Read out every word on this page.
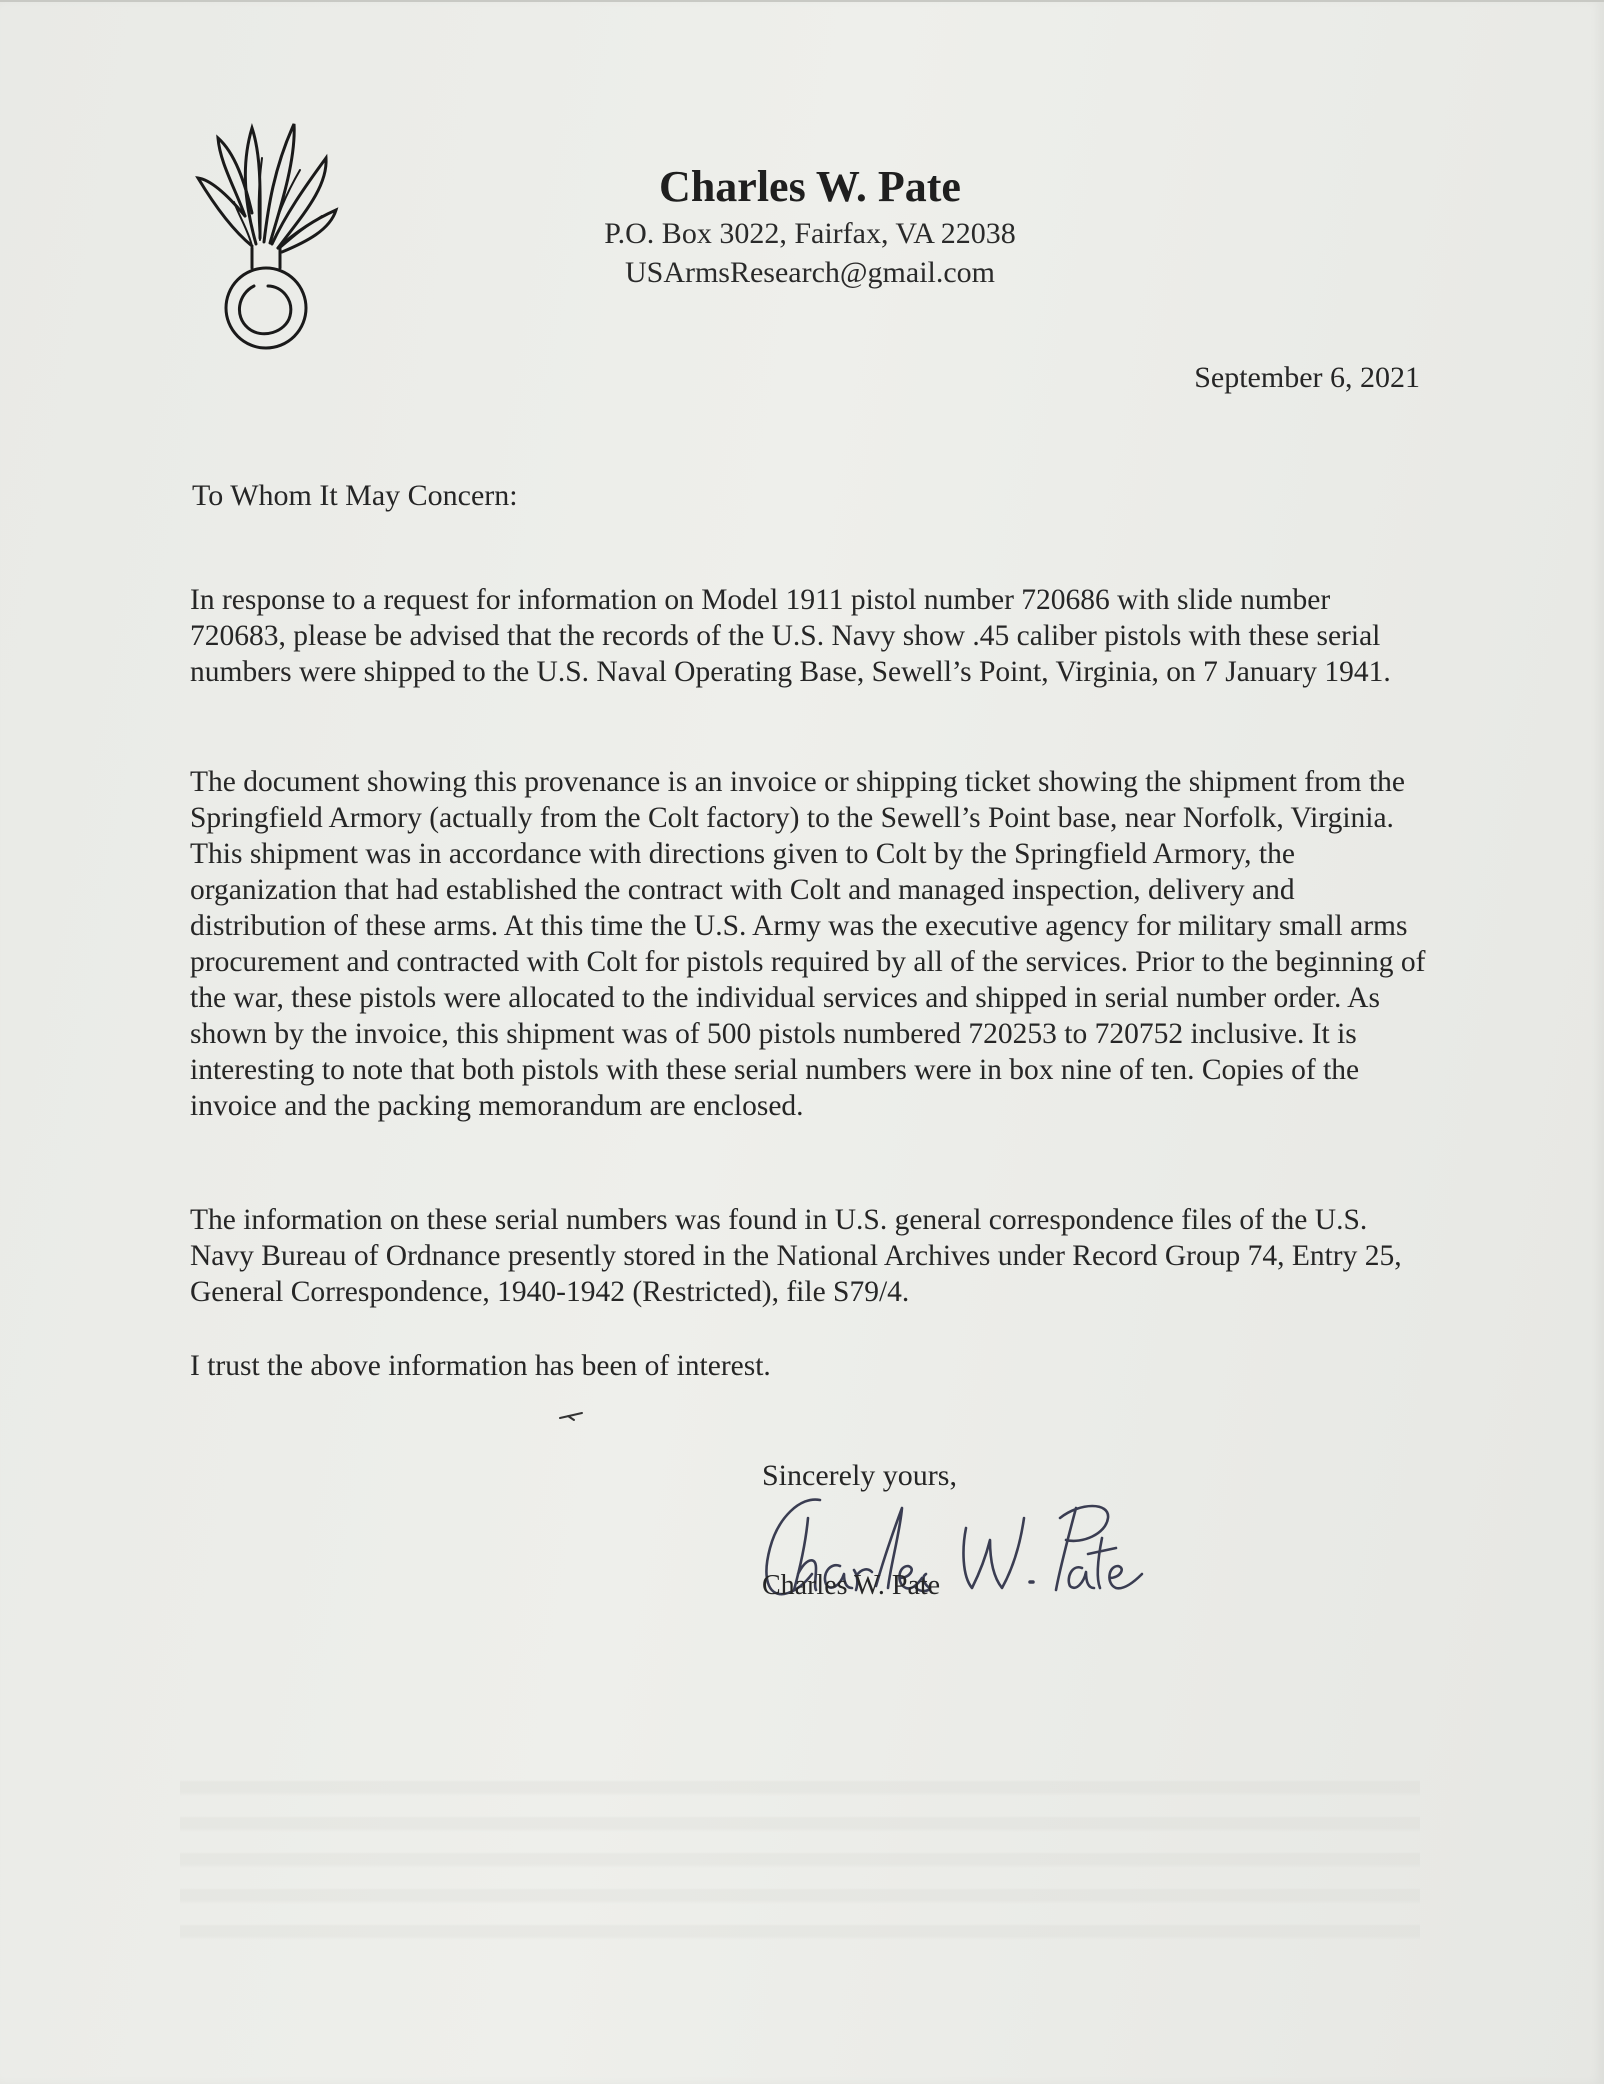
Charles W. Pate
P.O. Box 3022, Fairfax, VA 22038
USArmsResearch@gmail.com
September 6, 2021
To Whom It May Concern:

In response to a request for information on Model 1911 pistol number 720686 with slide number 720683, please be advised that the records of the U.S. Navy show .45 caliber pistols with these serial numbers were shipped to the U.S. Naval Operating Base, Sewell’s Point, Virginia, on 7 January 1941.

The document showing this provenance is an invoice or shipping ticket showing the shipment from the Springfield Armory (actually from the Colt factory) to the Sewell’s Point base, near Norfolk, Virginia. This shipment was in accordance with directions given to Colt by the Springfield Armory, the organization that had established the contract with Colt and managed inspection, delivery and distribution of these arms. At this time the U.S. Army was the executive agency for military small arms procurement and contracted with Colt for pistols required by all of the services. Prior to the beginning of the war, these pistols were allocated to the individual services and shipped in serial number order. As shown by the invoice, this shipment was of 500 pistols numbered 720253 to 720752 inclusive. It is interesting to note that both pistols with these serial numbers were in box nine of ten. Copies of the invoice and the packing memorandum are enclosed.

The information on these serial numbers was found in U.S. general correspondence files of the U.S. Navy Bureau of Ordnance presently stored in the National Archives under Record Group 74, Entry 25, General Correspondence, 1940-1942 (Restricted), file S79/4.

I trust the above information has been of interest.

Sincerely yours,
Charles W. Pate
